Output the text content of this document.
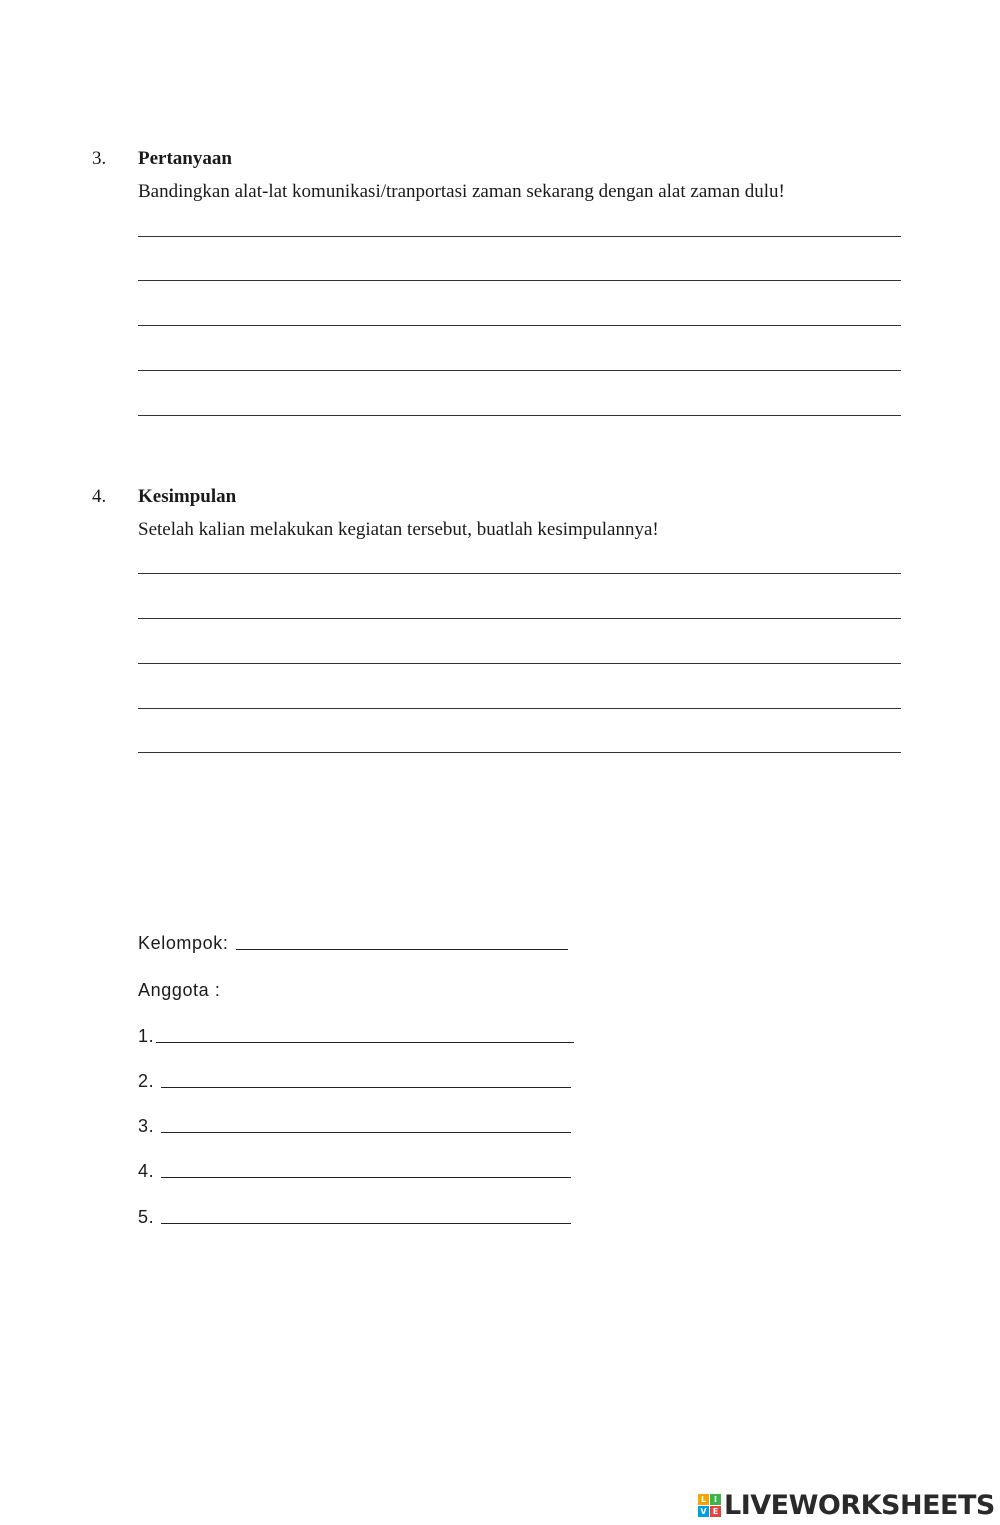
3. Pertanyaan
Bandingkan alat-lat komunikasi/tranportasi zaman sekarang dengan alat zaman dulu!
4. Kesimpulan
Setelah kalian melakukan kegiatan tersebut, buatlah kesimpulannya!
Kelompok:
Anggota :
1.
2.
3.
4.
5.
L I
V E LIVEWORKSHEETS
